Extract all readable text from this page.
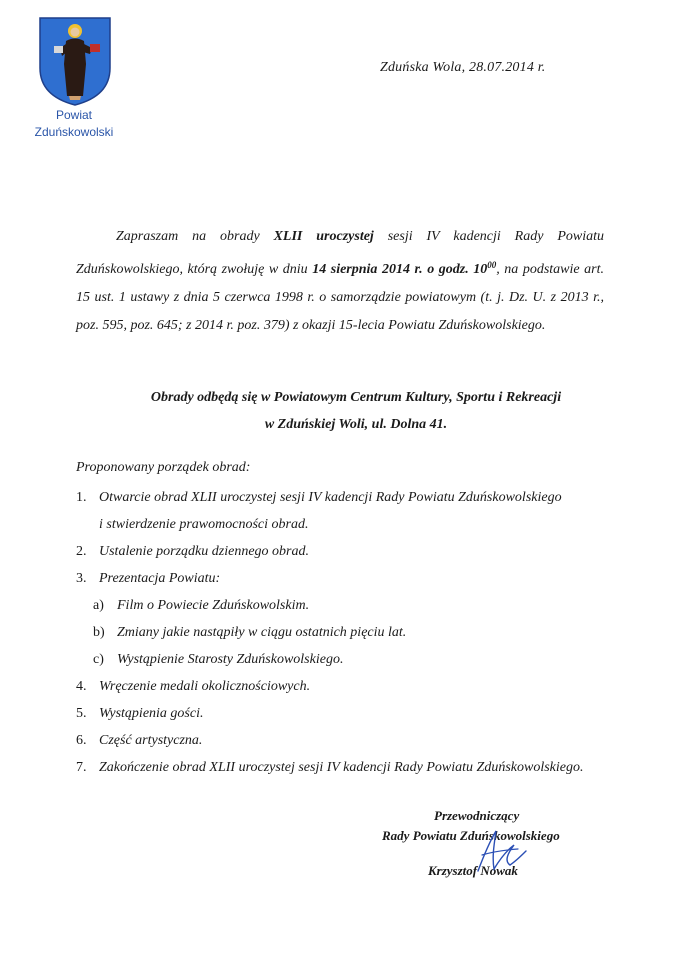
Powiat
Zduńskowolski
Zduńska Wola, 28.07.2014 r.
Zapraszam na obrady XLII uroczystej sesji IV kadencji Rady Powiatu Zduńskowolskiego, którą zwołuję w dniu 14 sierpnia 2014 r. o godz. $10^{00}$, na podstawie art. 15 ust. 1 ustawy z dnia 5 czerwca 1998 r. o samorządzie powiatowym (t. j. Dz. U. z 2013 r., poz. 595, poz. 645; z 2014 r. poz. 379) z okazji 15-lecia Powiatu Zduńskowolskiego.
Obrady odbędą się w Powiatowym Centrum Kultury, Sportu i Rekreacji
w Zduńskiej Woli, ul. Dolna 41.
Proponowany porządek obrad:
1. Otwarcie obrad XLII uroczystej sesji IV kadencji Rady Powiatu Zduńskowolskiego
i stwierdzenie prawomocności obrad.
2. Ustalenie porządku dziennego obrad.
3. Prezentacja Powiatu:
a) Film o Powiecie Zduńskowolskim.
b) Zmiany jakie nastąpiły w ciągu ostatnich pięciu lat.
c) Wystąpienie Starosty Zduńskowolskiego.
4. Wręczenie medali okolicznościowych.
5. Wystąpienia gości.
6. Część artystyczna.
7. Zakończenie obrad XLII uroczystej sesji IV kadencji Rady Powiatu Zduńskowolskiego.
Przewodniczący
Rady Powiatu Zduńskowolskiego
Krzysztof Nowak
